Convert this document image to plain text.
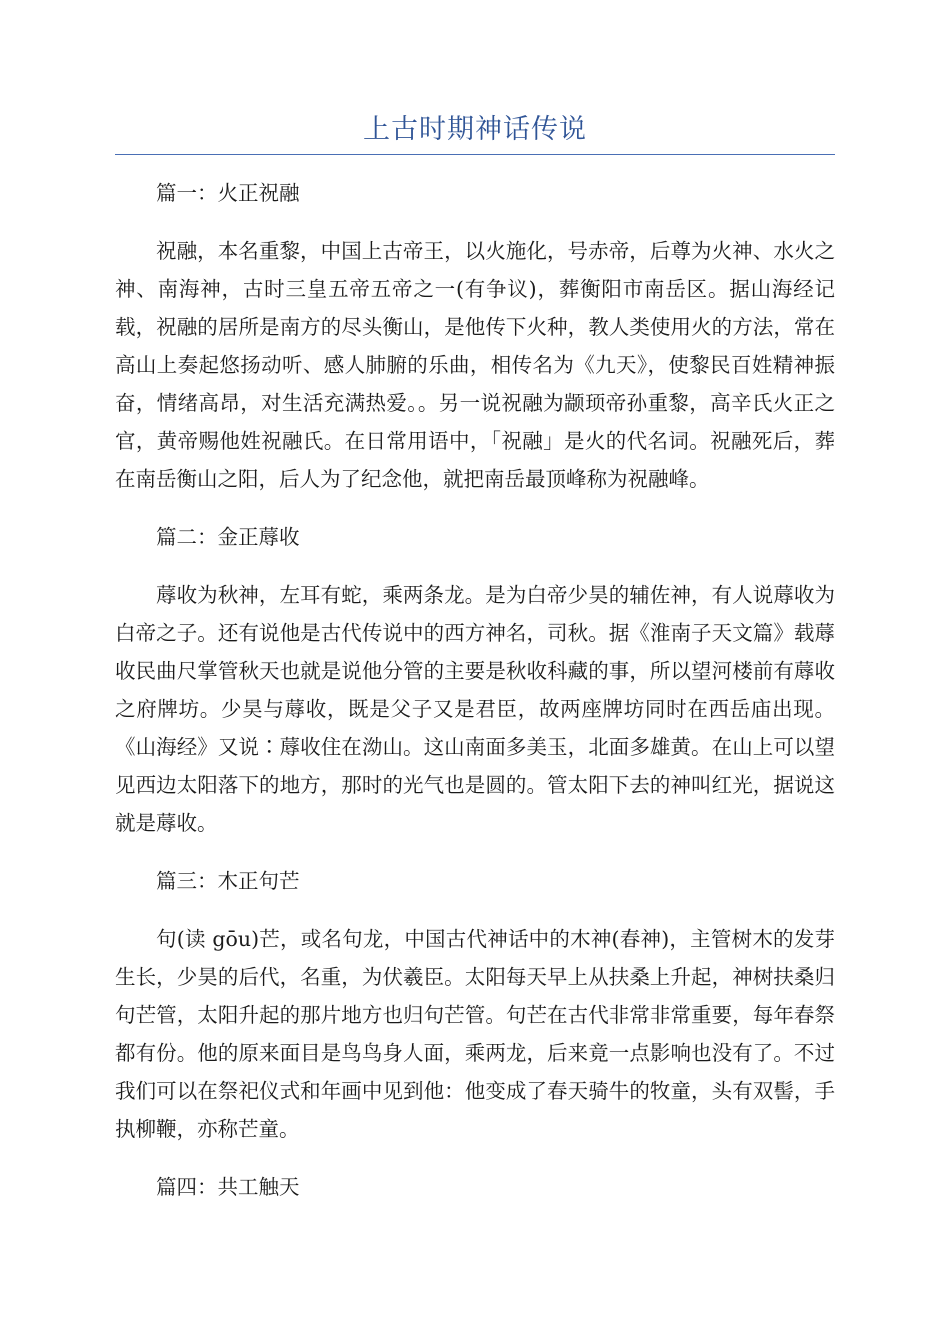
上古时期神话传说
篇一：火正祝融
祝融，本名重黎，中国上古帝王，以火施化，号赤帝，后尊为火神、水火之神、南海神，古时三皇五帝五帝之一(有争议)，葬衡阳市南岳区。据山海经记载，祝融的居所是南方的尽头衡山，是他传下火种，教人类使用火的方法，常在高山上奏起悠扬动听、感人肺腑的乐曲，相传名为《九天》，使黎民百姓精神振奋，情绪高昂，对生活充满热爱。。另一说祝融为颛顼帝孙重黎，高辛氏火正之官，黄帝赐他姓祝融氏。在日常用语中，「祝融」是火的代名词。祝融死后，葬在南岳衡山之阳，后人为了纪念他，就把南岳最顶峰称为祝融峰。
篇二：金正蓐收
蓐收为秋神，左耳有蛇，乘两条龙。是为白帝少昊的辅佐神，有人说蓐收为白帝之子。还有说他是古代传说中的西方神名，司秋。据《淮南子天文篇》载蓐收民曲尺掌管秋天也就是说他分管的主要是秋收科藏的事，所以望河楼前有蓐收之府牌坊。少昊与蓐收，既是父子又是君臣，故两座牌坊同时在西岳庙出现。《山海经》又说∶蓐收住在泑山。这山南面多美玉，北面多雄黄。在山上可以望见西边太阳落下的地方，那时的光气也是圆的。管太阳下去的神叫红光，据说这就是蓐收。
篇三：木正句芒
句(读 gōu)芒，或名句龙，中国古代神话中的木神(春神)，主管树木的发芽生长，少昊的后代，名重，为伏羲臣。太阳每天早上从扶桑上升起，神树扶桑归句芒管，太阳升起的那片地方也归句芒管。句芒在古代非常非常重要，每年春祭都有份。他的原来面目是鸟鸟身人面，乘两龙，后来竟一点影响也没有了。不过我们可以在祭祀仪式和年画中见到他：他变成了春天骑牛的牧童，头有双髻，手执柳鞭，亦称芒童。
篇四：共工触天
